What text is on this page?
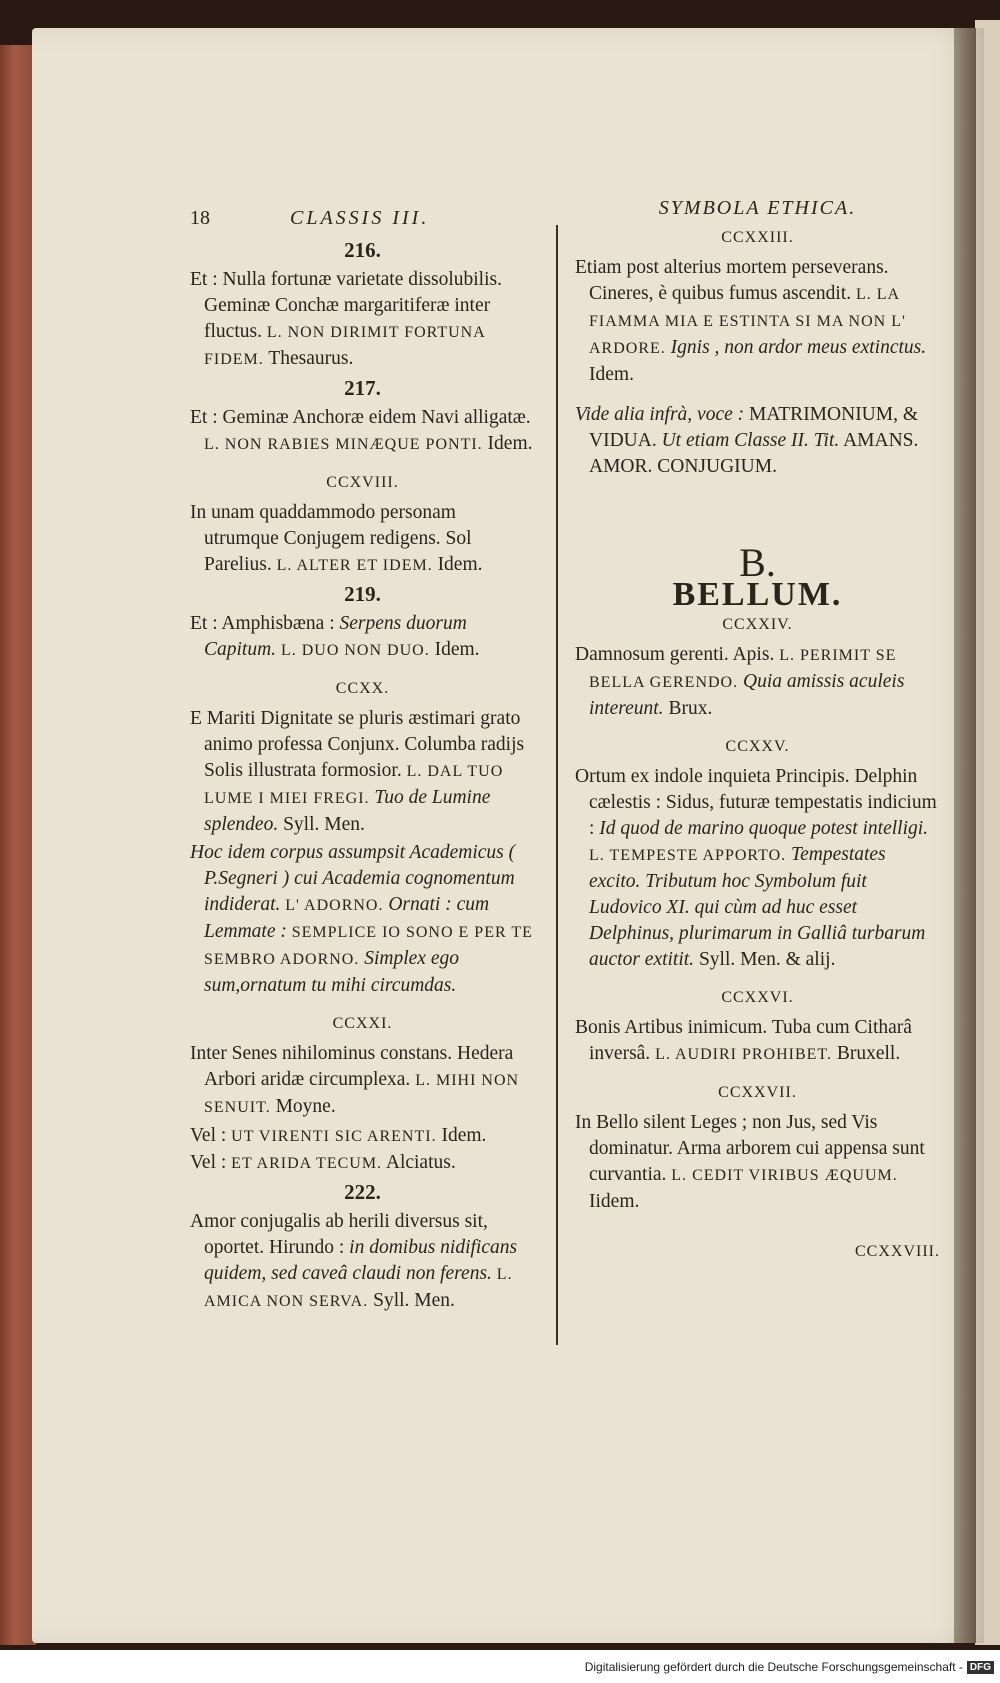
18	CLASSIS III.
216.

Et : Nulla fortunæ varietate dissolubilis. Geminæ Conchæ margaritiferæ inter fluctus. L. NON DIRIMIT FORTUNA FIDEM. Thesaurus.

217.

Et : Geminæ Anchoræ eidem Navi alligatæ. L. NON RABIES MINÆQUE PONTI. Idem.

CCXVIII.

In unam quaddammodo personam utrumque Conjugem redigens. Sol Parelius. L. ALTER ET IDEM. Idem.

219.

Et : Amphisbæna : Serpens duorum Capitum. L. DUO NON DUO. Idem.

CCXX.

E Mariti Dignitate se pluris æstimari grato animo professa Conjunx. Columba radijs Solis illustrata formosior. L. DAL TUO LUME I MIEI FREGI. Tuo de Lumine splendeo. Syll. Men.

Hoc idem corpus assumpsit Academicus ( P.Segneri ) cui Academia cognomentum indiderat. L' ADORNO. Ornati : cum Lemmate : SEMPLICE IO SONO E PER TE SEMBRO ADORNO. Simplex ego sum,ornatum tu mihi circumdas.

CCXXI.

Inter Senes nihilominus constans. Hedera Arbori aridæ circumplexa. L. MIHI NON SENUIT. Moyne.

Vel : UT VIRENTI SIC ARENTI. Idem.

Vel : ET ARIDA TECUM. Alciatus.

222.

Amor conjugalis ab herili diversus sit, oportet. Hirundo : in domibus nidificans quidem, sed caveâ claudi non ferens. L. AMICA NON SERVA. Syll. Men.

SYMBOLA ETHICA.
CCXXIII.

Etiam post alterius mortem perseverans. Cineres, è quibus fumus ascendit. L. LA FIAMMA MIA E ESTINTA SI MA NON L' ARDORE. Ignis , non ardor meus extinctus. Idem.

Vide alia infrà, voce : MATRIMONIUM, & VIDUA. Ut etiam Classe II. Tit. AMANS. AMOR. CONJUGIUM.

B.
BELLUM.
CCXXIV.

Damnosum gerenti. Apis. L. PERIMIT SE BELLA GERENDO. Quia amissis aculeis intereunt. Brux.

CCXXV.

Ortum ex indole inquieta Principis. Delphin cælestis : Sidus, futuræ tempestatis indicium : Id quod de marino quoque potest intelligi. L. TEMPESTE APPORTO. Tempestates excito. Tributum hoc Symbolum fuit Ludovico XI. qui cùm ad huc esset Delphinus, plurimarum in Galliâ turbarum auctor extitit. Syll. Men. & alij.

CCXXVI.

Bonis Artibus inimicum. Tuba cum Citharâ inversâ. L. AUDIRI PROHIBET. Bruxell.

CCXXVII.

In Bello silent Leges ; non Jus, sed Vis dominatur. Arma arborem cui appensa sunt curvantia. L. CEDIT VIRIBUS ÆQUUM. Iidem.

CCXXVIII.
Digitalisierung gefördert durch die Deutsche Forschungsgemeinschaft - DFG
